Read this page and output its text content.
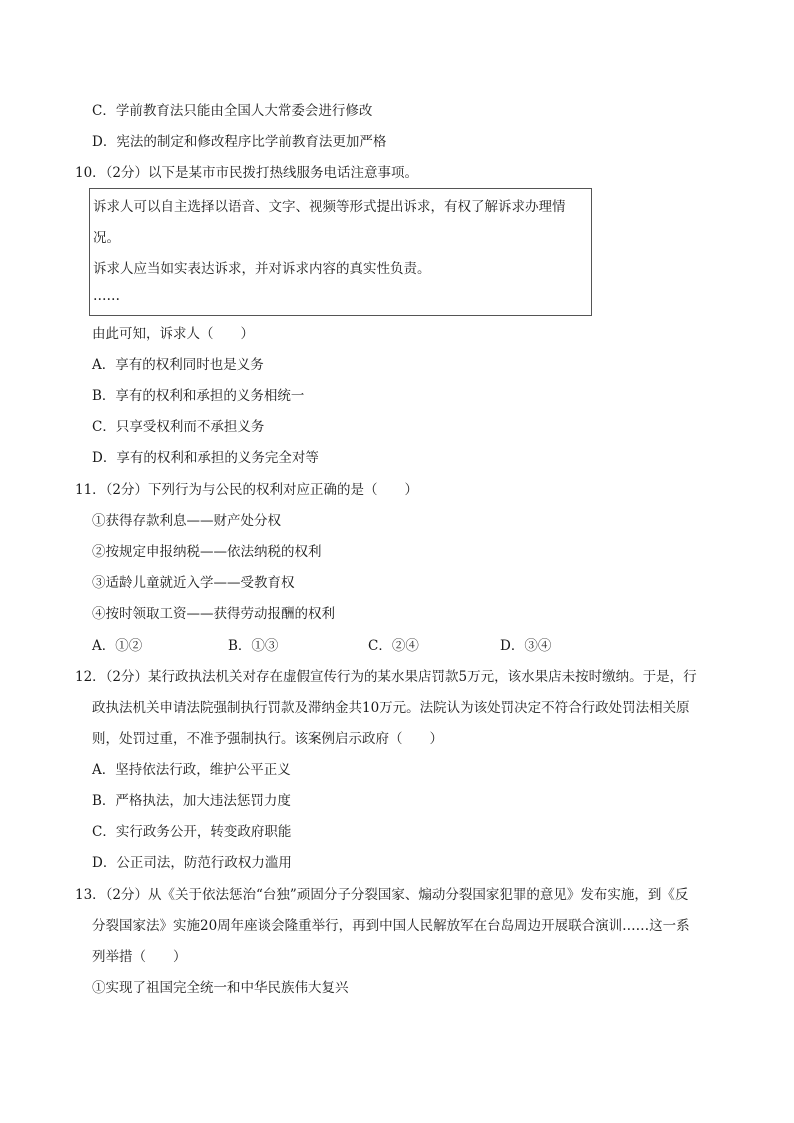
C．学前教育法只能由全国人大常委会进行修改
D．宪法的制定和修改程序比学前教育法更加严格
10．（2分）以下是某市市民拨打热线服务电话注意事项。
诉求人可以自主选择以语音、文字、视频等形式提出诉求，有权了解诉求办理情
况。
诉求人应当如实表达诉求，并对诉求内容的真实性负责。
……
由此可知，诉求人（　　）
A．享有的权利同时也是义务
B．享有的权利和承担的义务相统一
C．只享受权利而不承担义务
D．享有的权利和承担的义务完全对等
11．（2分）下列行为与公民的权利对应正确的是（　　）
①获得存款利息——财产处分权
②按规定申报纳税——依法纳税的权利
③适龄儿童就近入学——受教育权
④按时领取工资——获得劳动报酬的权利
A．①②	B．①③	C．②④	D．③④
12．（2分）某行政执法机关对存在虚假宣传行为的某水果店罚款5万元，该水果店未按时缴纳。于是，行
政执法机关申请法院强制执行罚款及滞纳金共10万元。法院认为该处罚决定不符合行政处罚法相关原
则，处罚过重，不准予强制执行。该案例启示政府（　　）
A．坚持依法行政，维护公平正义
B．严格执法，加大违法惩罚力度
C．实行政务公开，转变政府职能
D．公正司法，防范行政权力滥用
13．（2分）从《关于依法惩治“台独”顽固分子分裂国家、煽动分裂国家犯罪的意见》发布实施，到《反
分裂国家法》实施20周年座谈会隆重举行，再到中国人民解放军在台岛周边开展联合演训……这一系
列举措（　　）
①实现了祖国完全统一和中华民族伟大复兴
